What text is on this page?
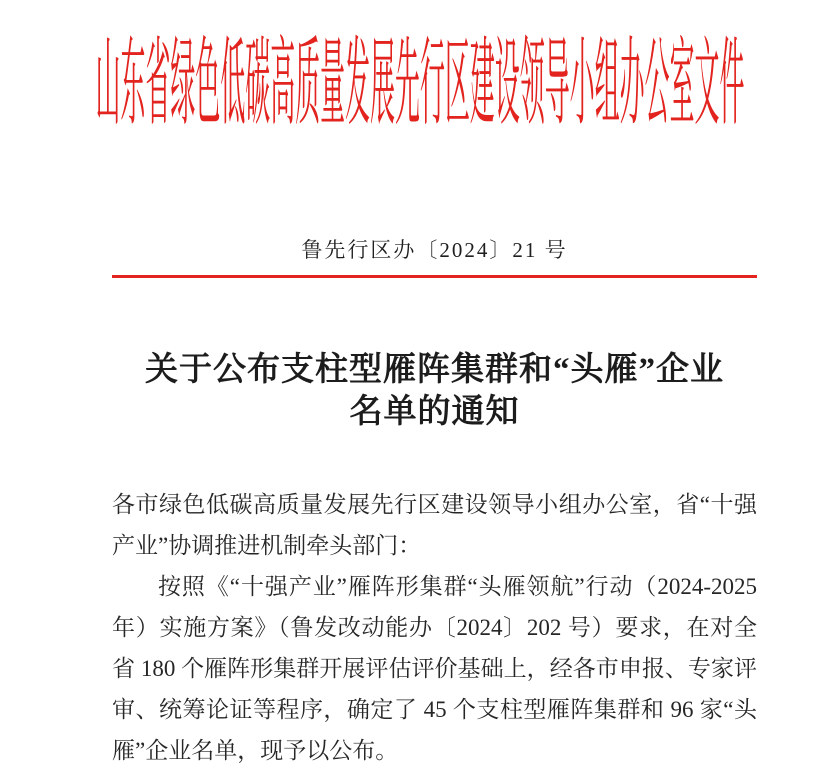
山东省绿色低碳高质量发展先行区建设领导小组办公室文件
鲁先行区办〔2024〕21 号
关于公布支柱型雁阵集群和“头雁”企业
名单的通知
各市绿色低碳高质量发展先行区建设领导小组办公室，省“十强
产业”协调推进机制牵头部门：
按照《“十强产业”雁阵形集群“头雁领航”行动（2024-2025
年）实施方案》（鲁发改动能办〔2024〕202 号）要求，在对全
省 180 个雁阵形集群开展评估评价基础上，经各市申报、专家评
审、统筹论证等程序，确定了 45 个支柱型雁阵集群和 96 家“头
雁”企业名单，现予以公布。
